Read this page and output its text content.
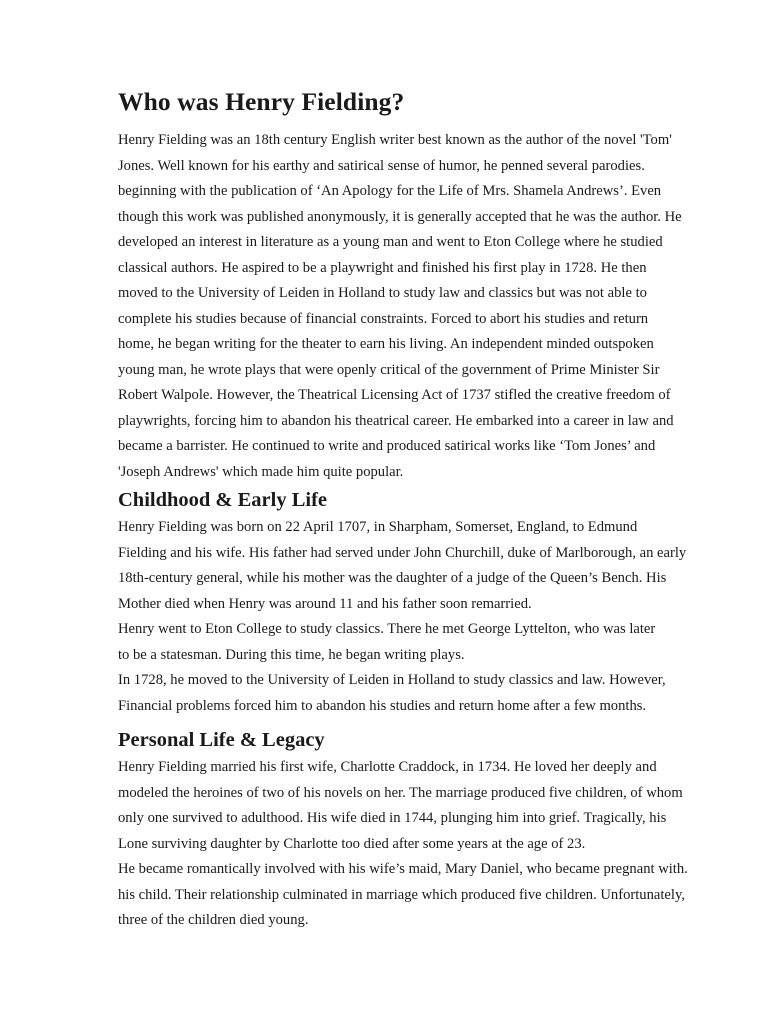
Who was Henry Fielding?

Henry Fielding was an 18th century English writer best known as the author of the novel 'Tom'
Jones. Well known for his earthy and satirical sense of humor, he penned several parodies.
beginning with the publication of ‘An Apology for the Life of Mrs. Shamela Andrews’. Even
though this work was published anonymously, it is generally accepted that he was the author. He
developed an interest in literature as a young man and went to Eton College where he studied
classical authors. He aspired to be a playwright and finished his first play in 1728. He then
moved to the University of Leiden in Holland to study law and classics but was not able to
complete his studies because of financial constraints. Forced to abort his studies and return
home, he began writing for the theater to earn his living. An independent minded outspoken
young man, he wrote plays that were openly critical of the government of Prime Minister Sir
Robert Walpole. However, the Theatrical Licensing Act of 1737 stifled the creative freedom of
playwrights, forcing him to abandon his theatrical career. He embarked into a career in law and
became a barrister. He continued to write and produced satirical works like ‘Tom Jones’ and
'Joseph Andrews' which made him quite popular.

Childhood & Early Life

Henry Fielding was born on 22 April 1707, in Sharpham, Somerset, England, to Edmund
Fielding and his wife. His father had served under John Churchill, duke of Marlborough, an early
18th-century general, while his mother was the daughter of a judge of the Queen’s Bench. His
Mother died when Henry was around 11 and his father soon remarried.
Henry went to Eton College to study classics. There he met George Lyttelton, who was later
to be a statesman. During this time, he began writing plays.
In 1728, he moved to the University of Leiden in Holland to study classics and law. However,
Financial problems forced him to abandon his studies and return home after a few months.

Personal Life & Legacy

Henry Fielding married his first wife, Charlotte Craddock, in 1734. He loved her deeply and
modeled the heroines of two of his novels on her. The marriage produced five children, of whom
only one survived to adulthood. His wife died in 1744, plunging him into grief. Tragically, his
Lone surviving daughter by Charlotte too died after some years at the age of 23.
He became romantically involved with his wife’s maid, Mary Daniel, who became pregnant with.
his child. Their relationship culminated in marriage which produced five children. Unfortunately,
three of the children died young.
